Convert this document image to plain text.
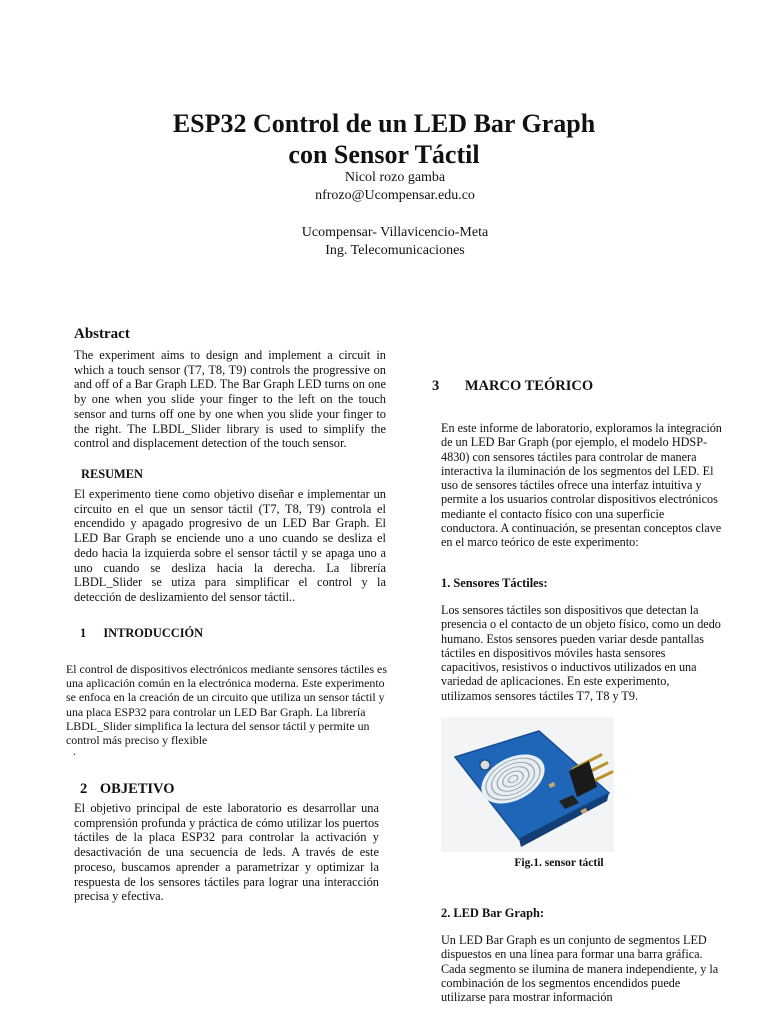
ESP32 Control de un LED Bar Graph
con Sensor Táctil
Nicol rozo gamba
nfrozo@Ucompensar.edu.co
Ucompensar- Villavicencio-Meta
Ing. Telecomunicaciones
Abstract

The experiment aims to design and implement a circuit in which a touch sensor (T7, T8, T9) controls the progressive on and off of a Bar Graph LED. The Bar Graph LED turns on one by one when you slide your finger to the left on the touch sensor and turns off one by one when you slide your finger to the right. The LBDL_Slider library is used to simplify the control and displacement detection of the touch sensor.

RESUMEN

El experimento tiene como objetivo diseñar e implementar un circuito en el que un sensor táctil (T7, T8, T9) controla el encendido y apagado progresivo de un LED Bar Graph. El LED Bar Graph se enciende uno a uno cuando se desliza el dedo hacia la izquierda sobre el sensor táctil y se apaga uno a uno cuando se desliza hacia la derecha. La librería LBDL_Slider se utiza para simplificar el control y la detección de deslizamiento del sensor táctil..

1 INTRODUCCIÓN

El control de dispositivos electrónicos mediante sensores táctiles es una aplicación común en la electrónica moderna. Este experimento se enfoca en la creación de un circuito que utiliza un sensor táctil y una placa ESP32 para controlar un LED Bar Graph. La librería LBDL_Slider simplifica la lectura del sensor táctil y permite un control más preciso y flexible

.
2 OBJETIVO

El objetivo principal de este laboratorio es desarrollar una comprensión profunda y práctica de cómo utilizar los puertos táctiles de la placa ESP32 para controlar la activación y desactivación de una secuencia de leds. A través de este proceso, buscamos aprender a parametrizar y optimizar la respuesta de los sensores táctiles para lograr una interacción precisa y efectiva.

3 MARCO TEÓRICO

En este informe de laboratorio, exploramos la integración de un LED Bar Graph (por ejemplo, el modelo HDSP-4830) con sensores táctiles para controlar de manera interactiva la iluminación de los segmentos del LED. El uso de sensores táctiles ofrece una interfaz intuitiva y permite a los usuarios controlar dispositivos electrónicos mediante el contacto físico con una superficie conductora. A continuación, se presentan conceptos clave en el marco teórico de este experimento:

1. Sensores Táctiles:

Los sensores táctiles son dispositivos que detectan la presencia o el contacto de un objeto físico, como un dedo humano. Estos sensores pueden variar desde pantallas táctiles en dispositivos móviles hasta sensores capacitivos, resistivos o inductivos utilizados en una variedad de aplicaciones. En este experimento, utilizamos sensores táctiles T7, T8 y T9.

Fig.1. sensor táctil
2. LED Bar Graph:

Un LED Bar Graph es un conjunto de segmentos LED dispuestos en una línea para formar una barra gráfica. Cada segmento se ilumina de manera independiente, y la combinación de los segmentos encendidos puede utilizarse para mostrar información
